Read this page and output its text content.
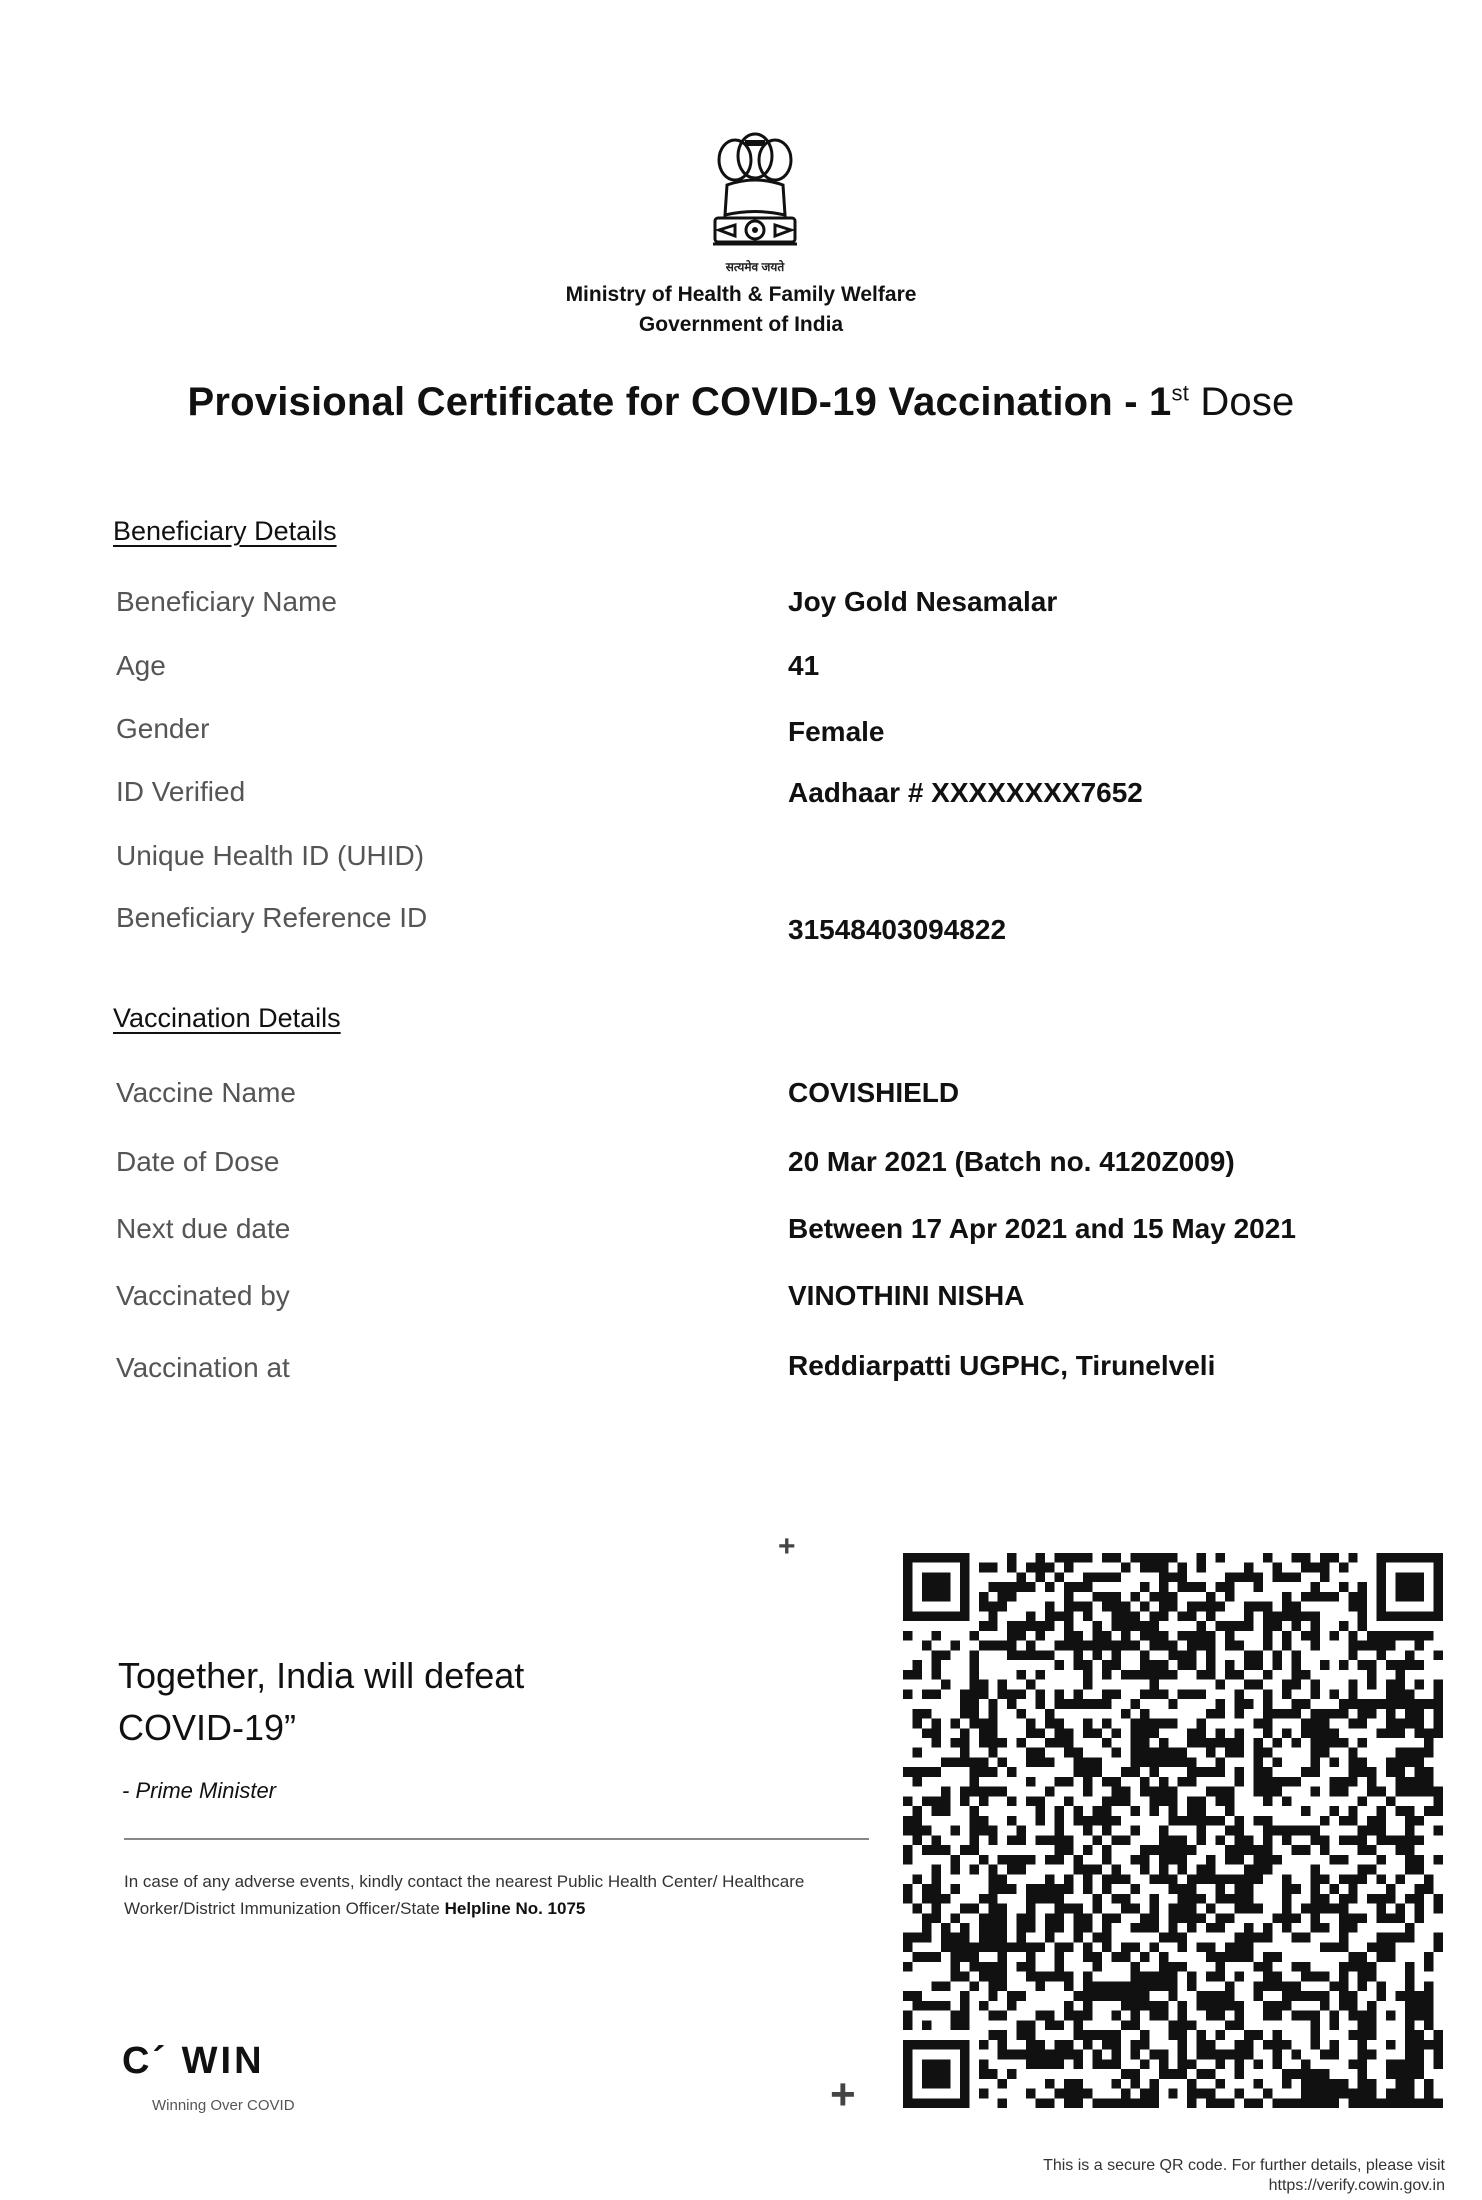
सत्यमेव जयते
Ministry of Health & Family Welfare
Government of India
Provisional Certificate for COVID-19 Vaccination - 1st Dose
Beneficiary Details
Beneficiary Name	Joy Gold Nesamalar
Age	41
Gender	Female
ID Verified	Aadhaar # XXXXXXXX7652
Unique Health ID (UHID)
Beneficiary Reference ID	31548403094822
Vaccination Details
Vaccine Name	COVISHIELD
Date of Dose	20 Mar 2021 (Batch no. 4120Z009)
Next due date	Between 17 Apr 2021 and 15 May 2021
Vaccinated by	VINOTHINI NISHA
Vaccination at	Reddiarpatti UGPHC, Tirunelveli
+
+
Together, India will defeat
COVID-19”
- Prime Minister
In case of any adverse events, kindly contact the nearest Public Health Center/ Healthcare Worker/District Immunization Officer/State Helpline No. 1075
C´ WIN
Winning Over COVID
This is a secure QR code. For further details, please visit
https://verify.cowin.gov.in
